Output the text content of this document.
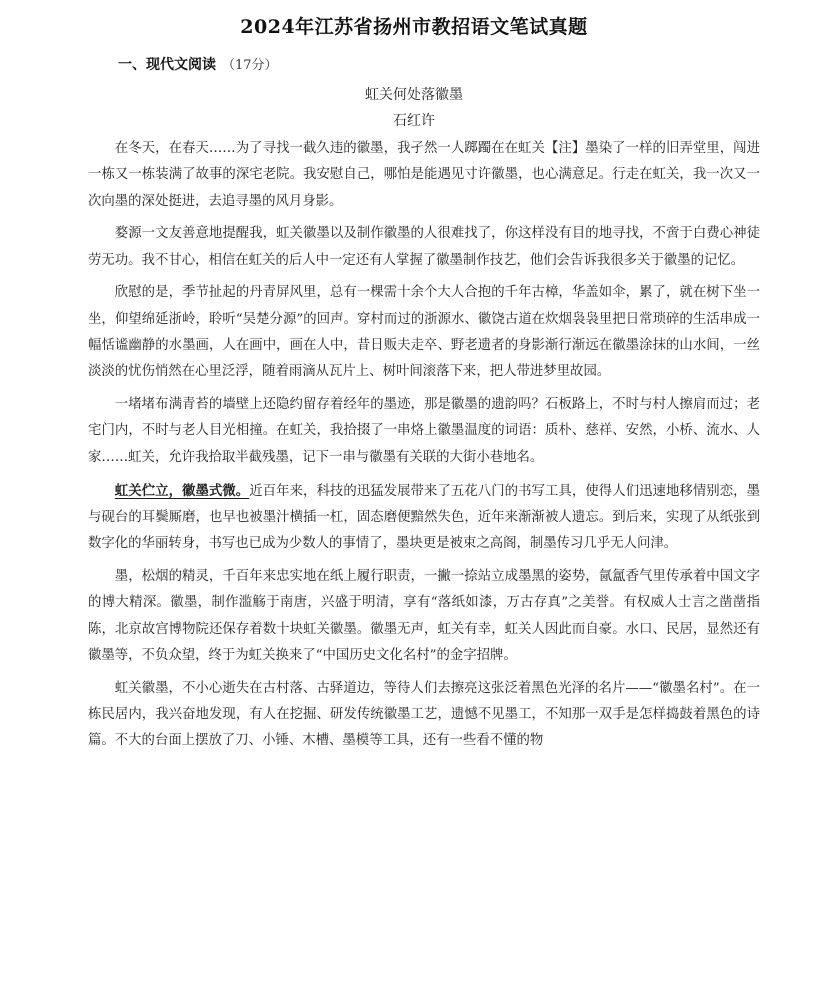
2024年江苏省扬州市教招语文笔试真题
一、现代文阅读 （17分）
虹关何处落徽墨
石红许

在冬天，在春天……为了寻找一截久违的徽墨，我孑然一人踯躅在在虹关【注】墨染了一样的旧弄堂里，闯进一栋又一栋装满了故事的深宅老院。我安慰自己，哪怕是能遇见寸许徽墨，也心满意足。行走在虹关，我一次又一次向墨的深处挺进，去追寻墨的风月身影。

婺源一文友善意地提醒我，虹关徽墨以及制作徽墨的人很难找了，你这样没有目的地寻找，不啻于白费心神徒劳无功。我不甘心，相信在虹关的后人中一定还有人掌握了徽墨制作技艺，他们会告诉我很多关于徽墨的记忆。

欣慰的是，季节扯起的丹青屏风里，总有一棵需十余个大人合抱的千年古樟，华盖如伞，累了，就在树下坐一坐，仰望绵延浙岭，聆听“吴楚分源”的回声。穿村而过的浙源水、徽饶古道在炊烟袅袅里把日常琐碎的生活串成一幅恬谧幽静的水墨画，人在画中，画在人中，昔日贩夫走卒、野老遗者的身影渐行渐远在徽墨涂抹的山水间，一丝淡淡的忧伤悄然在心里泛浮，随着雨滴从瓦片上、树叶间滚落下来，把人带进梦里故园。

一堵堵布满青苔的墙壁上还隐约留存着经年的墨迹，那是徽墨的遗韵吗？石板路上，不时与村人擦肩而过；老宅门内，不时与老人目光相撞。在虹关，我拾掇了一串烙上徽墨温度的词语：质朴、慈祥、安然，小桥、流水、人家……虹关，允许我拾取半截残墨，记下一串与徽墨有关联的大街小巷地名。

虹关伫立，徽墨式微。近百年来，科技的迅猛发展带来了五花八门的书写工具，使得人们迅速地移情别恋，墨与砚台的耳鬓厮磨，也早也被墨汁横插一杠，固态磨便黯然失色，近年来渐渐被人遗忘。到后来，实现了从纸张到数字化的华丽转身，书写也已成为少数人的事情了，墨块更是被束之高阁，制墨传习几乎无人问津。

墨，松烟的精灵，千百年来忠实地在纸上履行职责，一撇一捺站立成墨黑的姿势，氤氲香气里传承着中国文字的博大精深。徽墨，制作滥觞于南唐，兴盛于明清，享有“落纸如漆，万古存真”之美誉。有权威人士言之凿凿指陈，北京故宫博物院还保存着数十块虹关徽墨。徽墨无声，虹关有幸，虹关人因此而自豪。水口、民居，显然还有徽墨等，不负众望，终于为虹关换来了“中国历史文化名村”的金字招牌。

虹关徽墨，不小心逝失在古村落、古驿道边，等待人们去擦亮这张泛着黑色光泽的名片——“徽墨名村”。在一栋民居内，我兴奋地发现，有人在挖掘、研发传统徽墨工艺，遗憾不见墨工，不知那一双手是怎样捣鼓着黑色的诗篇。不大的台面上摆放了刀、小锤、木槽、墨模等工具，还有一些看不懂的物
